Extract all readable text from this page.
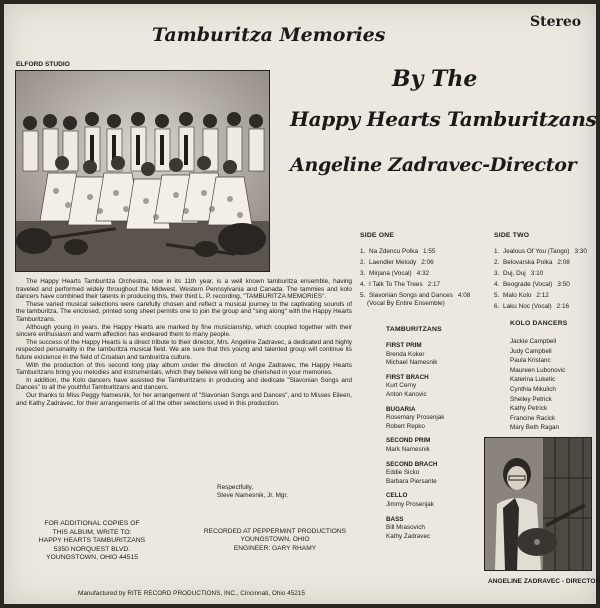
Tamburitza Memories
Stereo
By The
Happy Hearts Tamburitzans
Angeline Zadravec-Director
ELFORD STUDIO
SIDE ONE
1. Na Zdencu Polka 1:55
2. Laendler Melody 2:06
3. Mirjana (Vocal) 4:32
4. I Talk To The Trees 2:17
5. Slavonian Songs and Dances 4:08
(Vocal By Entire Ensemble)
SIDE TWO
1. Jealous Of You (Tango) 3:30
2. Belovarska Polka 2:08
3. Duj, Duj 3:10
4. Beograde (Vocal) 3:50
5. Malo Kolo 2:12
6. Laku Noc (Vocal) 2:16

The Happy Hearts Tamburitza Orchestra, now in its 11th year, is a well known tamburitza ensemble, having traveled and performed widely throughout the Midwest, Western Pennsylvania and Canada. The tammies and kolo dancers have combined their talents in producing this, their third L. P. recording, "TAMBURITZA MEMORIES".

These varied musical selections were carefully chosen and reflect a musical journey to the captivating sounds of the tamburitza. The enclosed, printed song sheet permits one to join the group and "sing along" with the Happy Hearts Tamburitzans.

Although young in years, the Happy Hearts are marked by fine musicianship, which coupled together with their sincere enthusiasm and warm affection has endeared them to many people.

The success of the Happy Hearts is a direct tribute to their director, Mrs. Angeline Zadravec, a dedicated and highly respected personality in the tamburitza musical field. We are sure that this young and talented group will continue its future existence in the field of Croatian and tamburitza culture.

With the production of this second long play album under the direction of Angie Zadravec, the Happy Hearts Tamburitzans bring you melodies and instrumentals, which they believe will long be cherished in your memories.

In addition, the Kolo dancers have assisted the Tamburitzans in producing and dedicate "Slavonian Songs and Dances" to all the youthful Tamburitzans and dancers.

Our thanks to Miss Peggy Namesnik, for her arrangement of "Slavonian Songs and Dances", and to Misses Eileen, and Kathy Zadravec, for their arrangements of all the other selections used in this production.

Respectfully,
Steve Namesnik, Jr. Mgr.
FOR ADDITIONAL COPIES OF
THIS ALBUM, WRITE TO:
HAPPY HEARTS TAMBURITZANS
5350 NORQUEST BLVD.
YOUNGSTOWN, OHIO 44515
RECORDED AT PEPPERMINT PRODUCTIONS
YOUNGSTOWN, OHIO
ENGINEER: GARY RHAMY
TAMBURITZANS
FIRST PRIM
Brenda Koker
Michael Namesnik
FIRST BRACH
Kurt Cerny
Anton Kanovic
BUGARIA
Rosemary Prosenjak
Robert Repko
SECOND PRIM
Mark Namesnik
SECOND BRACH
Eddie Sicko
Barbara Piersante
CELLO
Jimmy Prosenjak
BASS
Bill Mrasovich
Kathy Zadravec
KOLO DANCERS
Jackie Campbell
Judy Campbell
Paula Kristanc
Maureen Lubonovic
Katerina Luketic
Cynthia Mikulich
Shelley Petrick
Kathy Petrick
Francine Racick
Mary Beth Ragan
ANGELINE ZADRAVEC - DIRECTOR
Manufactured by RITE RECORD PRODUCTIONS, INC., Cincinnati, Ohio 45215
